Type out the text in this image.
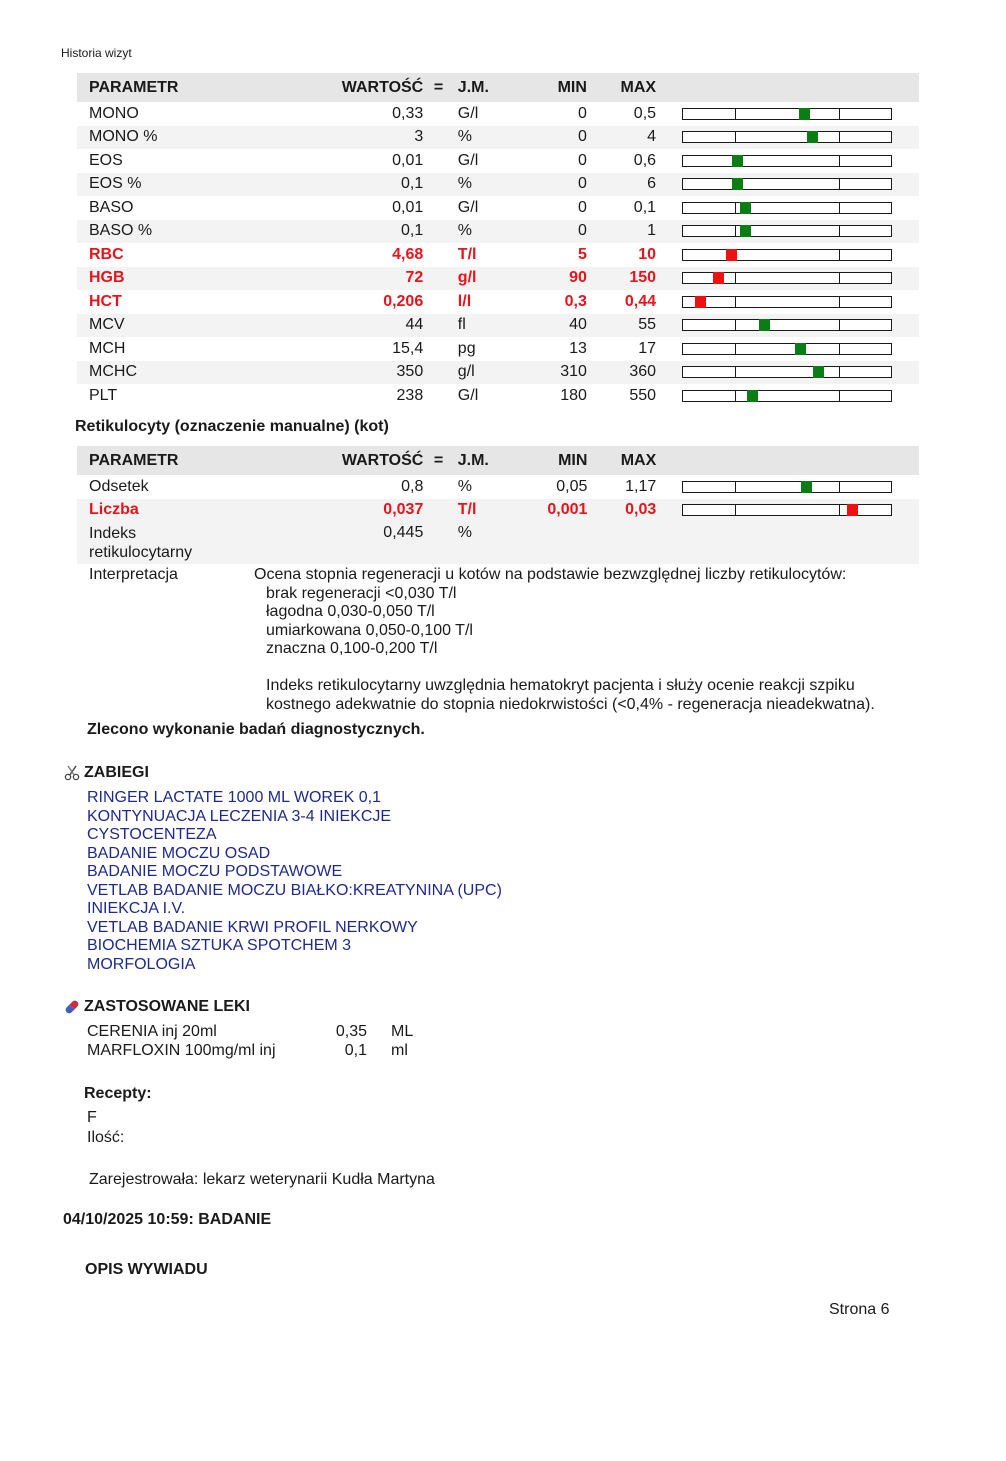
Historia wizyt
PARAMETR	WARTOŚĆ	=	J.M.	MIN	MAX	
MONO	0,33		G/l	0	0,5	

MONO %	3		%	0	4	

EOS	0,01		G/l	0	0,6	

EOS %	0,1		%	0	6	

BASO	0,01		G/l	0	0,1	

BASO %	0,1		%	0	1	

RBC	4,68		T/l	5	10	

HGB	72		g/l	90	150	

HCT	0,206		l/l	0,3	0,44	

MCV	44		fl	40	55	

MCH	15,4		pg	13	17	

MCHC	350		g/l	310	360	

PLT	238		G/l	180	550	
Retikulocyty (oznaczenie manualne) (kot)
PARAMETR	WARTOŚĆ	=	J.M.	MIN	MAX	
Odsetek	0,8		%	0,05	1,17	

Liczba	0,037		T/l	0,001	0,03	

Indeks
retikulocytarny	0,445		%			
Interpretacja	Ocena stopnia regeneracji u kotów na podstawie bezwzględnej liczby retikulocytów:
brak regeneracji <0,030 T/l
łagodna 0,030-0,050 T/l
umiarkowana 0,050-0,100 T/l
znaczna 0,100-0,200 T/l
Indeks retikulocytarny uwzględnia hematokryt pacjenta i służy ocenie reakcji szpiku
kostnego adekwatnie do stopnia niedokrwistości (<0,4% - regeneracja nieadekwatna).
Zlecono wykonanie badań diagnostycznych.
ZABIEGI
RINGER LACTATE 1000 ML WOREK 0,1
KONTYNUACJA LECZENIA 3-4 INIEKCJE
CYSTOCENTEZA
BADANIE MOCZU OSAD
BADANIE MOCZU PODSTAWOWE
VETLAB BADANIE MOCZU BIAŁKO:KREATYNINA (UPC)
INIEKCJA I.V.
VETLAB BADANIE KRWI PROFIL NERKOWY
BIOCHEMIA SZTUKA SPOTCHEM 3
MORFOLOGIA
ZASTOSOWANE LEKI
CERENIA inj 20ml	0,35	ML
MARFLOXIN 100mg/ml inj	0,1	ml
Recepty:
F
Ilość:
Zarejestrowała: lekarz weterynarii Kudła Martyna
04/10/2025 10:59: BADANIE
OPIS WYWIADU
Strona 6
